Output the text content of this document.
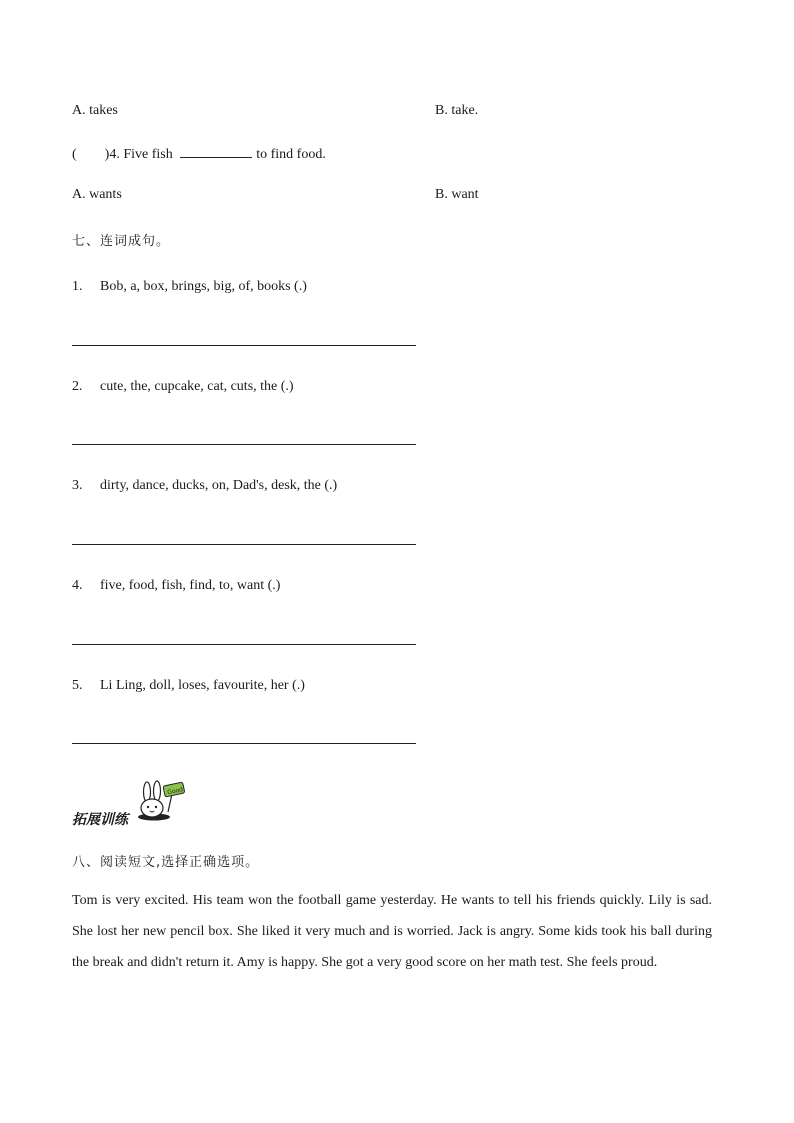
A. takes	B. take.
( )4. Five fish	to find food.
A. wants	B. want
七、连词成句。
1. Bob, a, box, brings, big, of, books (.)
2. cute, the, cupcake, cat, cuts, the (.)
3. dirty, dance, ducks, on, Dad's, desk, the (.)
4. five, food, fish, find, to, want (.)
5. Li Ling, doll, loses, favourite, her (.)
拓展训练
Good!
八、阅读短文,选择正确选项。
Tom is very excited. His team won the football game yesterday. He wants to tell his friends quickly. Lily is sad. She lost her new pencil box. She liked it very much and is worried. Jack is angry. Some kids took his ball during the break and didn't return it. Amy is happy. She got a very good score on her math test. She feels proud.
